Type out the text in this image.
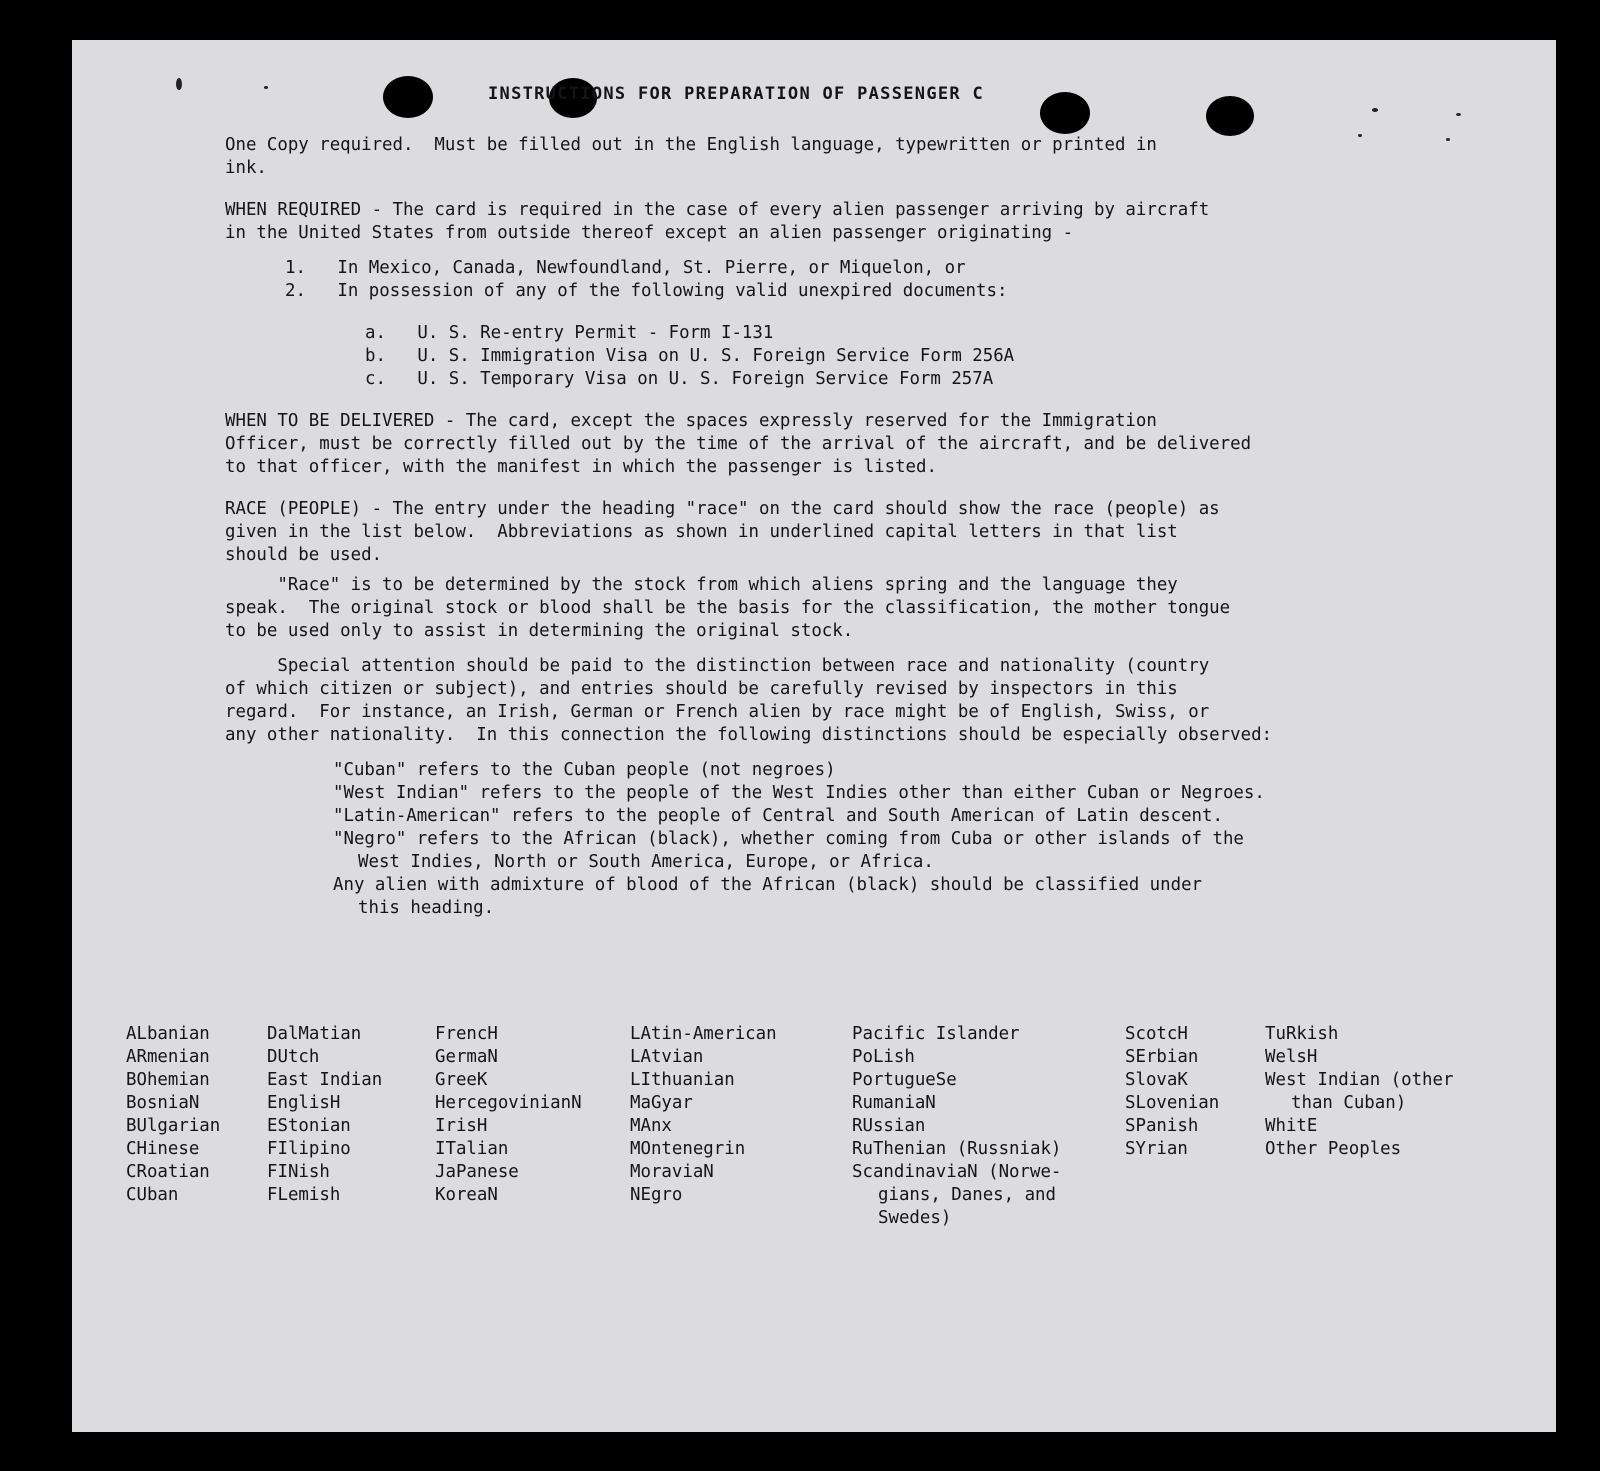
INSTRUCTIONS FOR PREPARATION OF PASSENGER C

One Copy required.  Must be filled out in the English language, typewritten or printed in

ink.

WHEN REQUIRED - The card is required in the case of every alien passenger arriving by aircraft

in the United States from outside thereof except an alien passenger originating -

1.   In Mexico, Canada, Newfoundland, St. Pierre, or Miquelon, or

2.   In possession of any of the following valid unexpired documents:

a.   U. S. Re-entry Permit - Form I-131

b.   U. S. Immigration Visa on U. S. Foreign Service Form 256A

c.   U. S. Temporary Visa on U. S. Foreign Service Form 257A

WHEN TO BE DELIVERED - The card, except the spaces expressly reserved for the Immigration

Officer, must be correctly filled out by the time of the arrival of the aircraft, and be delivered

to that officer, with the manifest in which the passenger is listed.

RACE (PEOPLE) - The entry under the heading "race" on the card should show the race (people) as

given in the list below.  Abbreviations as shown in underlined capital letters in that list

should be used.

"Race" is to be determined by the stock from which aliens spring and the language they

speak.  The original stock or blood shall be the basis for the classification, the mother tongue

to be used only to assist in determining the original stock.

Special attention should be paid to the distinction between race and nationality (country

of which citizen or subject), and entries should be carefully revised by inspectors in this

regard.  For instance, an Irish, German or French alien by race might be of English, Swiss, or

any other nationality.  In this connection the following distinctions should be especially observed:

"Cuban" refers to the Cuban people (not negroes)

"West Indian" refers to the people of the West Indies other than either Cuban or Negroes.

"Latin-American" refers to the people of Central and South American of Latin descent.

"Negro" refers to the African (black), whether coming from Cuba or other islands of the

West Indies, North or South America, Europe, or Africa.

Any alien with admixture of blood of the African (black) should be classified under

this heading.

ALbanian
ARmenian
BOhemian
BosniaN
BUlgarian
CHinese
CRoatian
CUban
DalMatian
DUtch
East Indian
EnglisH
EStonian
FIlipino
FINish
FLemish
FrencH
GermaN
GreeK
HercegovinianN
IrisH
ITalian
JaPanese
KoreaN
LAtin-American
LAtvian
LIthuanian
MaGyar
MAnx
MOntenegrin
MoraviaN
NEgro
Pacific Islander
PoLish
PortugueSe
RumaniaN
RUssian
RuThenian (Russniak)
ScandinaviaN (Norwe-
gians, Danes, and
Swedes)
ScotcH
SErbian
SlovaK
SLovenian
SPanish
SYrian
TuRkish
WelsH
West Indian (other
than Cuban)
WhitE
Other Peoples
